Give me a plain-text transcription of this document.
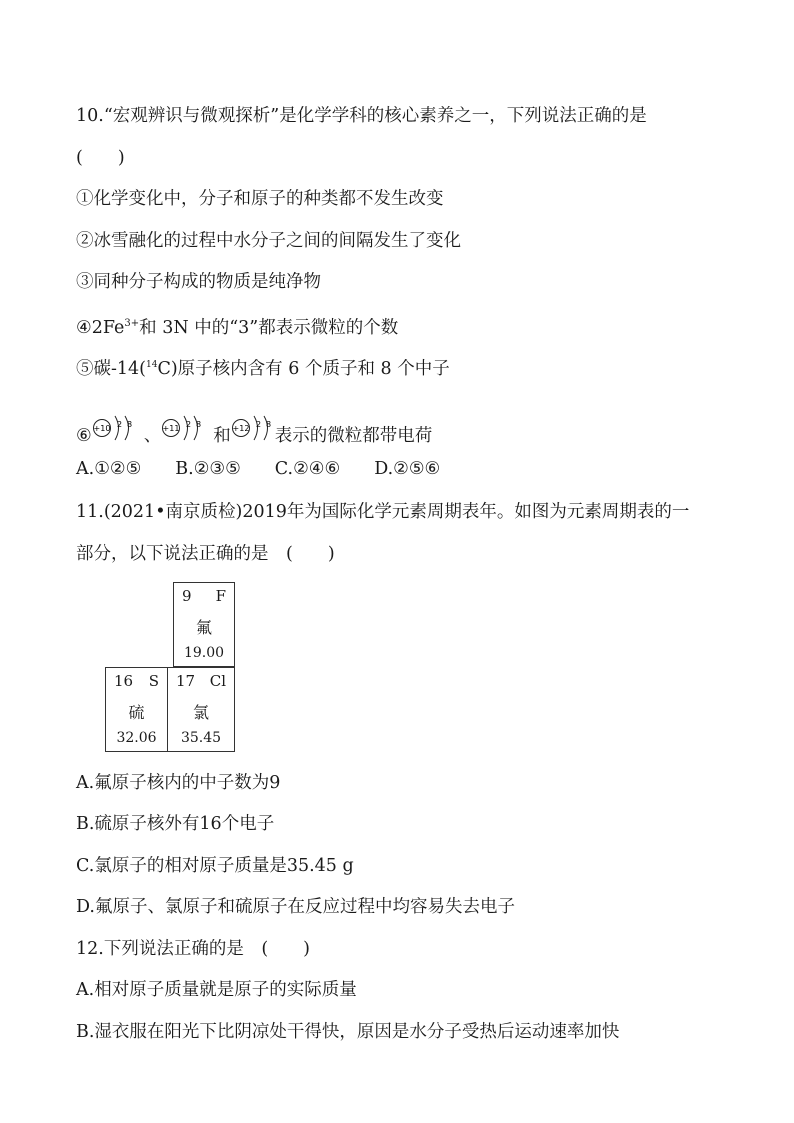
10.“宏观辨识与微观探析”是化学学科的核心素养之一，下列说法正确的是
(　　)
①化学变化中，分子和原子的种类都不发生改变
②冰雪融化的过程中水分子之间的间隔发生了变化
③同种分子构成的物质是纯净物
$④2Fe^{3+}$和 3N 中的“3”都表示微粒的个数
⑤碳-14($^{14}$C)原子核内含有 6 个质子和 8 个中子
⑥ +10 2 8
、 +11 2 8
和 +12 2 8
表示的微粒都带电荷
A.①②⑤ B.②③⑤ C.②④⑥ D.②⑤⑥
11.(2021•南京质检)2019年为国际化学元素周期表年。如图为元素周期表的一
部分，以下说法正确的是　(　　)
9 F
氟
19.00
16 S
硫
32.06
17 Cl
氯
35.45
A.氟原子核内的中子数为9
B.硫原子核外有16个电子
C.氯原子的相对原子质量是35.45 g
D.氟原子、氯原子和硫原子在反应过程中均容易失去电子
12.下列说法正确的是　(　　)
A.相对原子质量就是原子的实际质量
B.湿衣服在阳光下比阴凉处干得快，原因是水分子受热后运动速率加快
